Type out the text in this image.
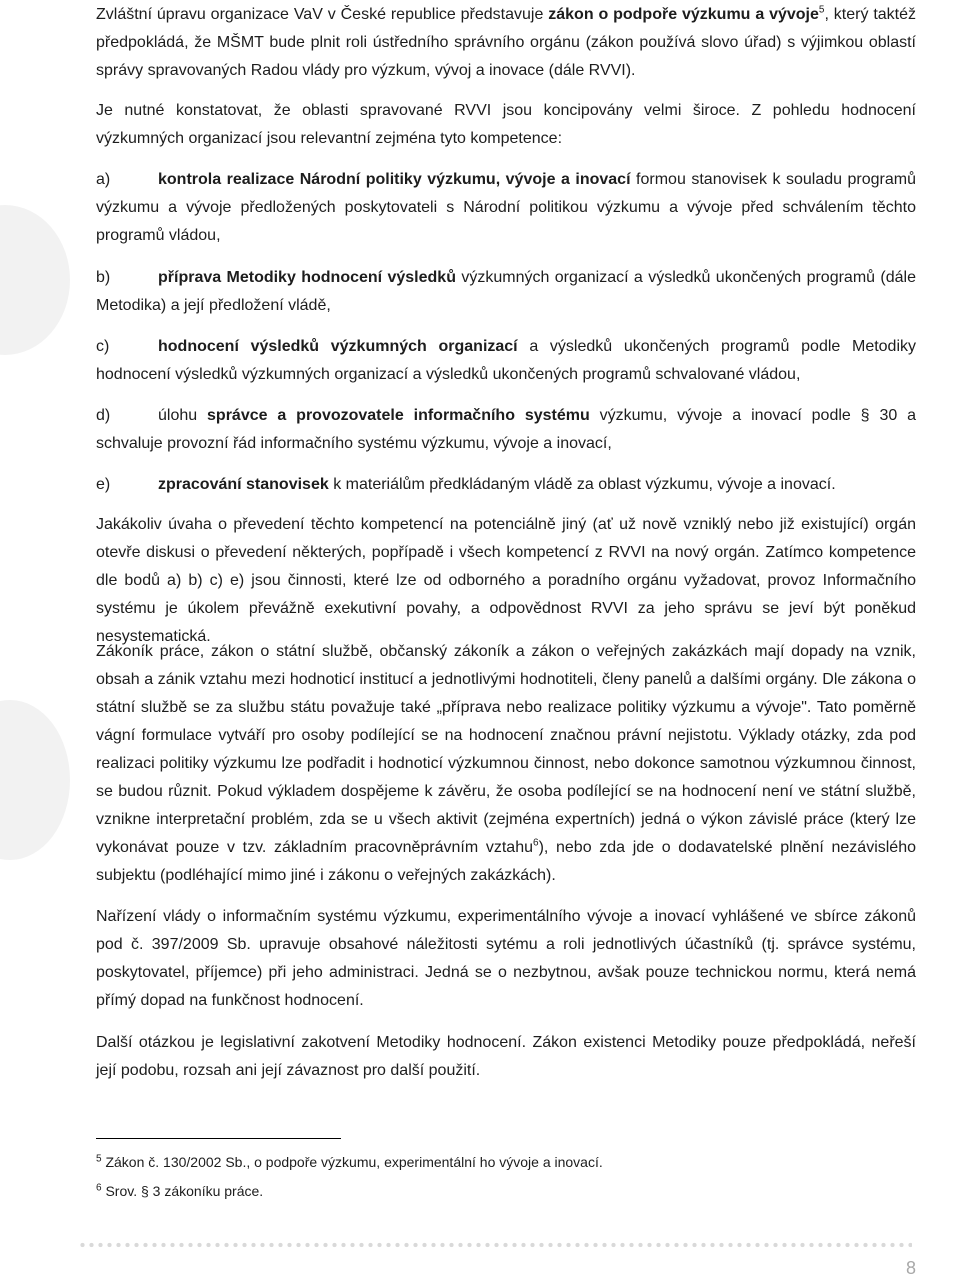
Zvláštní úpravu organizace VaV v České republice představuje zákon o podpoře výzkumu a vývoje$^5$, který taktéž předpokládá, že MŠMT bude plnit roli ústředního správního orgánu (zákon používá slovo úřad) s výjimkou oblastí správy spravovaných Radou vlády pro výzkum, vývoj a inovace (dále RVVI).

Je nutné konstatovat, že oblasti spravované RVVI jsou koncipovány velmi široce. Z pohledu hodnocení výzkumných organizací jsou relevantní zejména tyto kompetence:

a)	kontrola realizace Národní politiky výzkumu, vývoje a inovací formou stanovisek k souladu programů výzkumu a vývoje předložených poskytovateli s Národní politikou výzkumu a vývoje před schválením těchto programů vládou,

b)	příprava Metodiky hodnocení výsledků výzkumných organizací a výsledků ukončených programů (dále Metodika) a její předložení vládě,

c)	hodnocení výsledků výzkumných organizací a výsledků ukončených programů podle Metodiky hodnocení výsledků výzkumných organizací a výsledků ukončených programů schvalované vládou,

d)	úlohu správce a provozovatele informačního systému výzkumu, vývoje a inovací podle § 30 a schvaluje provozní řád informačního systému výzkumu, vývoje a inovací,

e)	zpracování stanovisek k materiálům předkládaným vládě za oblast výzkumu, vývoje a inovací.

Jakákoliv úvaha o převedení těchto kompetencí na potenciálně jiný (ať už nově vzniklý nebo již existující) orgán otevře diskusi o převedení některých, popřípadě i všech kompetencí z RVVI na nový orgán. Zatímco kompetence dle bodů a) b) c) e) jsou činnosti, které lze od odborného a poradního orgánu vyžadovat, provoz Informačního systému je úkolem převážně exekutivní povahy, a odpovědnost RVVI za jeho správu se jeví být poněkud nesystematická.

Zákoník práce, zákon o státní službě, občanský zákoník a zákon o veřejných zakázkách mají dopady na vznik, obsah a zánik vztahu mezi hodnoticí institucí a jednotlivými hodnotiteli, členy panelů a dalšími orgány. Dle zákona o státní službě se za službu státu považuje také „příprava nebo realizace politiky výzkumu a vývoje". Tato poměrně vágní formulace vytváří pro osoby podílející se na hodnocení značnou právní nejistotu. Výklady otázky, zda pod realizaci politiky výzkumu lze podřadit i hodnoticí výzkumnou činnost, nebo dokonce samotnou výzkumnou činnost, se budou různit. Pokud výkladem dospějeme k závěru, že osoba podílející se na hodnocení není ve státní službě, vznikne interpretační problém, zda se u všech aktivit (zejména expertních) jedná o výkon závislé práce (který lze vykonávat pouze v tzv. základním pracovněprávním vztahu$^6$), nebo zda jde o dodavatelské plnění nezávislého subjektu (podléhající mimo jiné i zákonu o veřejných zakázkách).

Nařízení vlády o informačním systému výzkumu, experimentálního vývoje a inovací vyhlášené ve sbírce zákonů pod č. 397/2009 Sb. upravuje obsahové náležitosti sytému a roli jednotlivých účastníků (tj. správce systému, poskytovatel, příjemce) při jeho administraci. Jedná se o nezbytnou, avšak pouze technickou normu, která nemá přímý dopad na funkčnost hodnocení.

Další otázkou je legislativní zakotvení Metodiky hodnocení. Zákon existenci Metodiky pouze předpokládá, neřeší její podobu, rozsah ani její závaznost pro další použití.

$^5$ Zákon č. 130/2002 Sb., o podpoře výzkumu, experimentální ho vývoje a inovací.
$^6$ Srov. § 3 zákoníku práce.
8
